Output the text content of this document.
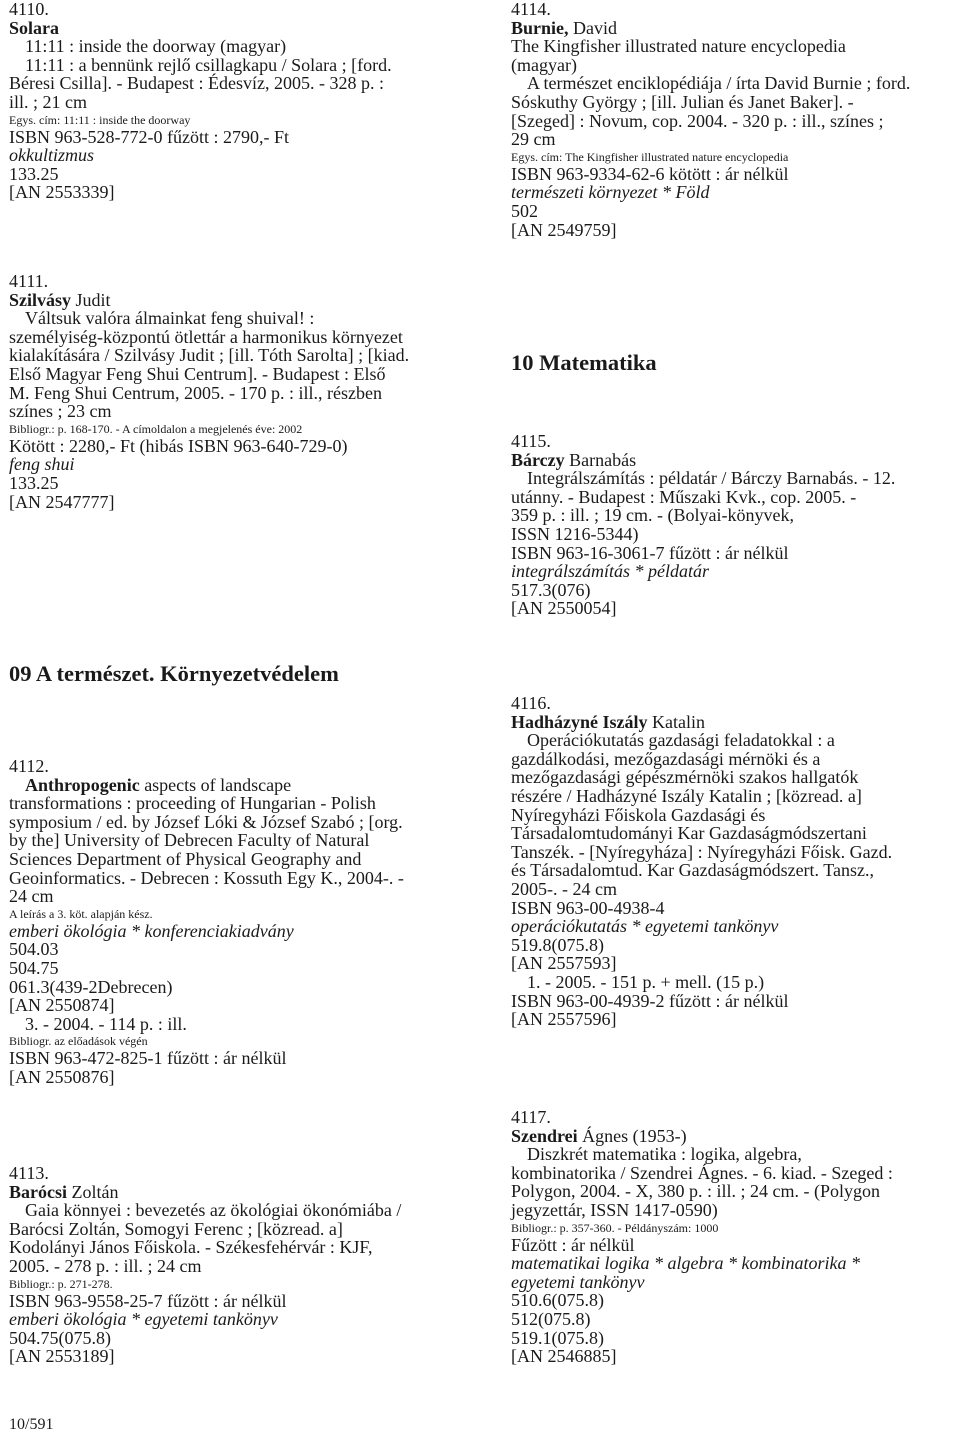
4110.
Solara
11:11 : inside the doorway (magyar)
11:11 : a bennünk rejlő csillagkapu / Solara ; [ford.
Béresi Csilla]. - Budapest : Édesvíz, 2005. - 328 p. :
ill. ; 21 cm
Egys. cím: 11:11 : inside the doorway
ISBN 963-528-772-0 fűzött : 2790,- Ft
okkultizmus
133.25
[AN 2553339]
4111.
Szilvásy Judit
Váltsuk valóra álmainkat feng shuival! :
személyiség-központú ötlettár a harmonikus környezet
kialakítására / Szilvásy Judit ; [ill. Tóth Sarolta] ; [kiad.
Első Magyar Feng Shui Centrum]. - Budapest : Első
M. Feng Shui Centrum, 2005. - 170 p. : ill., részben
színes ; 23 cm
Bibliogr.: p. 168-170. - A címoldalon a megjelenés éve: 2002
Kötött : 2280,- Ft (hibás ISBN 963-640-729-0)
feng shui
133.25
[AN 2547777]
09 A természet. Környezetvédelem
4112.
Anthropogenic aspects of landscape
transformations : proceeding of Hungarian - Polish
symposium / ed. by József Lóki & József Szabó ; [org.
by the] University of Debrecen Faculty of Natural
Sciences Department of Physical Geography and
Geoinformatics. - Debrecen : Kossuth Egy K., 2004-. -
24 cm
A leírás a 3. köt. alapján kész.
emberi ökológia * konferenciakiadvány
504.03
504.75
061.3(439-2Debrecen)
[AN 2550874]
3. - 2004. - 114 p. : ill.
Bibliogr. az előadások végén
ISBN 963-472-825-1 fűzött : ár nélkül
[AN 2550876]
4113.
Barócsi Zoltán
Gaia könnyei : bevezetés az ökológiai ökonómiába /
Barócsi Zoltán, Somogyi Ferenc ; [közread. a]
Kodolányi János Főiskola. - Székesfehérvár : KJF,
2005. - 278 p. : ill. ; 24 cm
Bibliogr.: p. 271-278.
ISBN 963-9558-25-7 fűzött : ár nélkül
emberi ökológia * egyetemi tankönyv
504.75(075.8)
[AN 2553189]
10/591
4114.
Burnie, David
The Kingfisher illustrated nature encyclopedia
(magyar)
A természet enciklopédiája / írta David Burnie ; ford.
Sóskuthy György ; [ill. Julian és Janet Baker]. -
[Szeged] : Novum, cop. 2004. - 320 p. : ill., színes ;
29 cm
Egys. cím: The Kingfisher illustrated nature encyclopedia
ISBN 963-9334-62-6 kötött : ár nélkül
természeti környezet * Föld
502
[AN 2549759]
10 Matematika
4115.
Bárczy Barnabás
Integrálszámítás : példatár / Bárczy Barnabás. - 12.
utánny. - Budapest : Műszaki Kvk., cop. 2005. -
359 p. : ill. ; 19 cm. - (Bolyai-könyvek,
ISSN 1216-5344)
ISBN 963-16-3061-7 fűzött : ár nélkül
integrálszámítás * példatár
517.3(076)
[AN 2550054]
4116.
Hadházyné Iszály Katalin
Operációkutatás gazdasági feladatokkal : a
gazdálkodási, mezőgazdasági mérnöki és a
mezőgazdasági gépészmérnöki szakos hallgatók
részére / Hadházyné Iszály Katalin ; [közread. a]
Nyíregyházi Főiskola Gazdasági és
Társadalomtudományi Kar Gazdaságmódszertani
Tanszék. - [Nyíregyháza] : Nyíregyházi Főisk. Gazd.
és Társadalomtud. Kar Gazdaságmódszert. Tansz.,
2005-. - 24 cm
ISBN 963-00-4938-4
operációkutatás * egyetemi tankönyv
519.8(075.8)
[AN 2557593]
1. - 2005. - 151 p. + mell. (15 p.)
ISBN 963-00-4939-2 fűzött : ár nélkül
[AN 2557596]
4117.
Szendrei Ágnes (1953-)
Diszkrét matematika : logika, algebra,
kombinatorika / Szendrei Ágnes. - 6. kiad. - Szeged :
Polygon, 2004. - X, 380 p. : ill. ; 24 cm. - (Polygon
jegyzettár, ISSN 1417-0590)
Bibliogr.: p. 357-360. - Példányszám: 1000
Fűzött : ár nélkül
matematikai logika * algebra * kombinatorika *
egyetemi tankönyv
510.6(075.8)
512(075.8)
519.1(075.8)
[AN 2546885]
